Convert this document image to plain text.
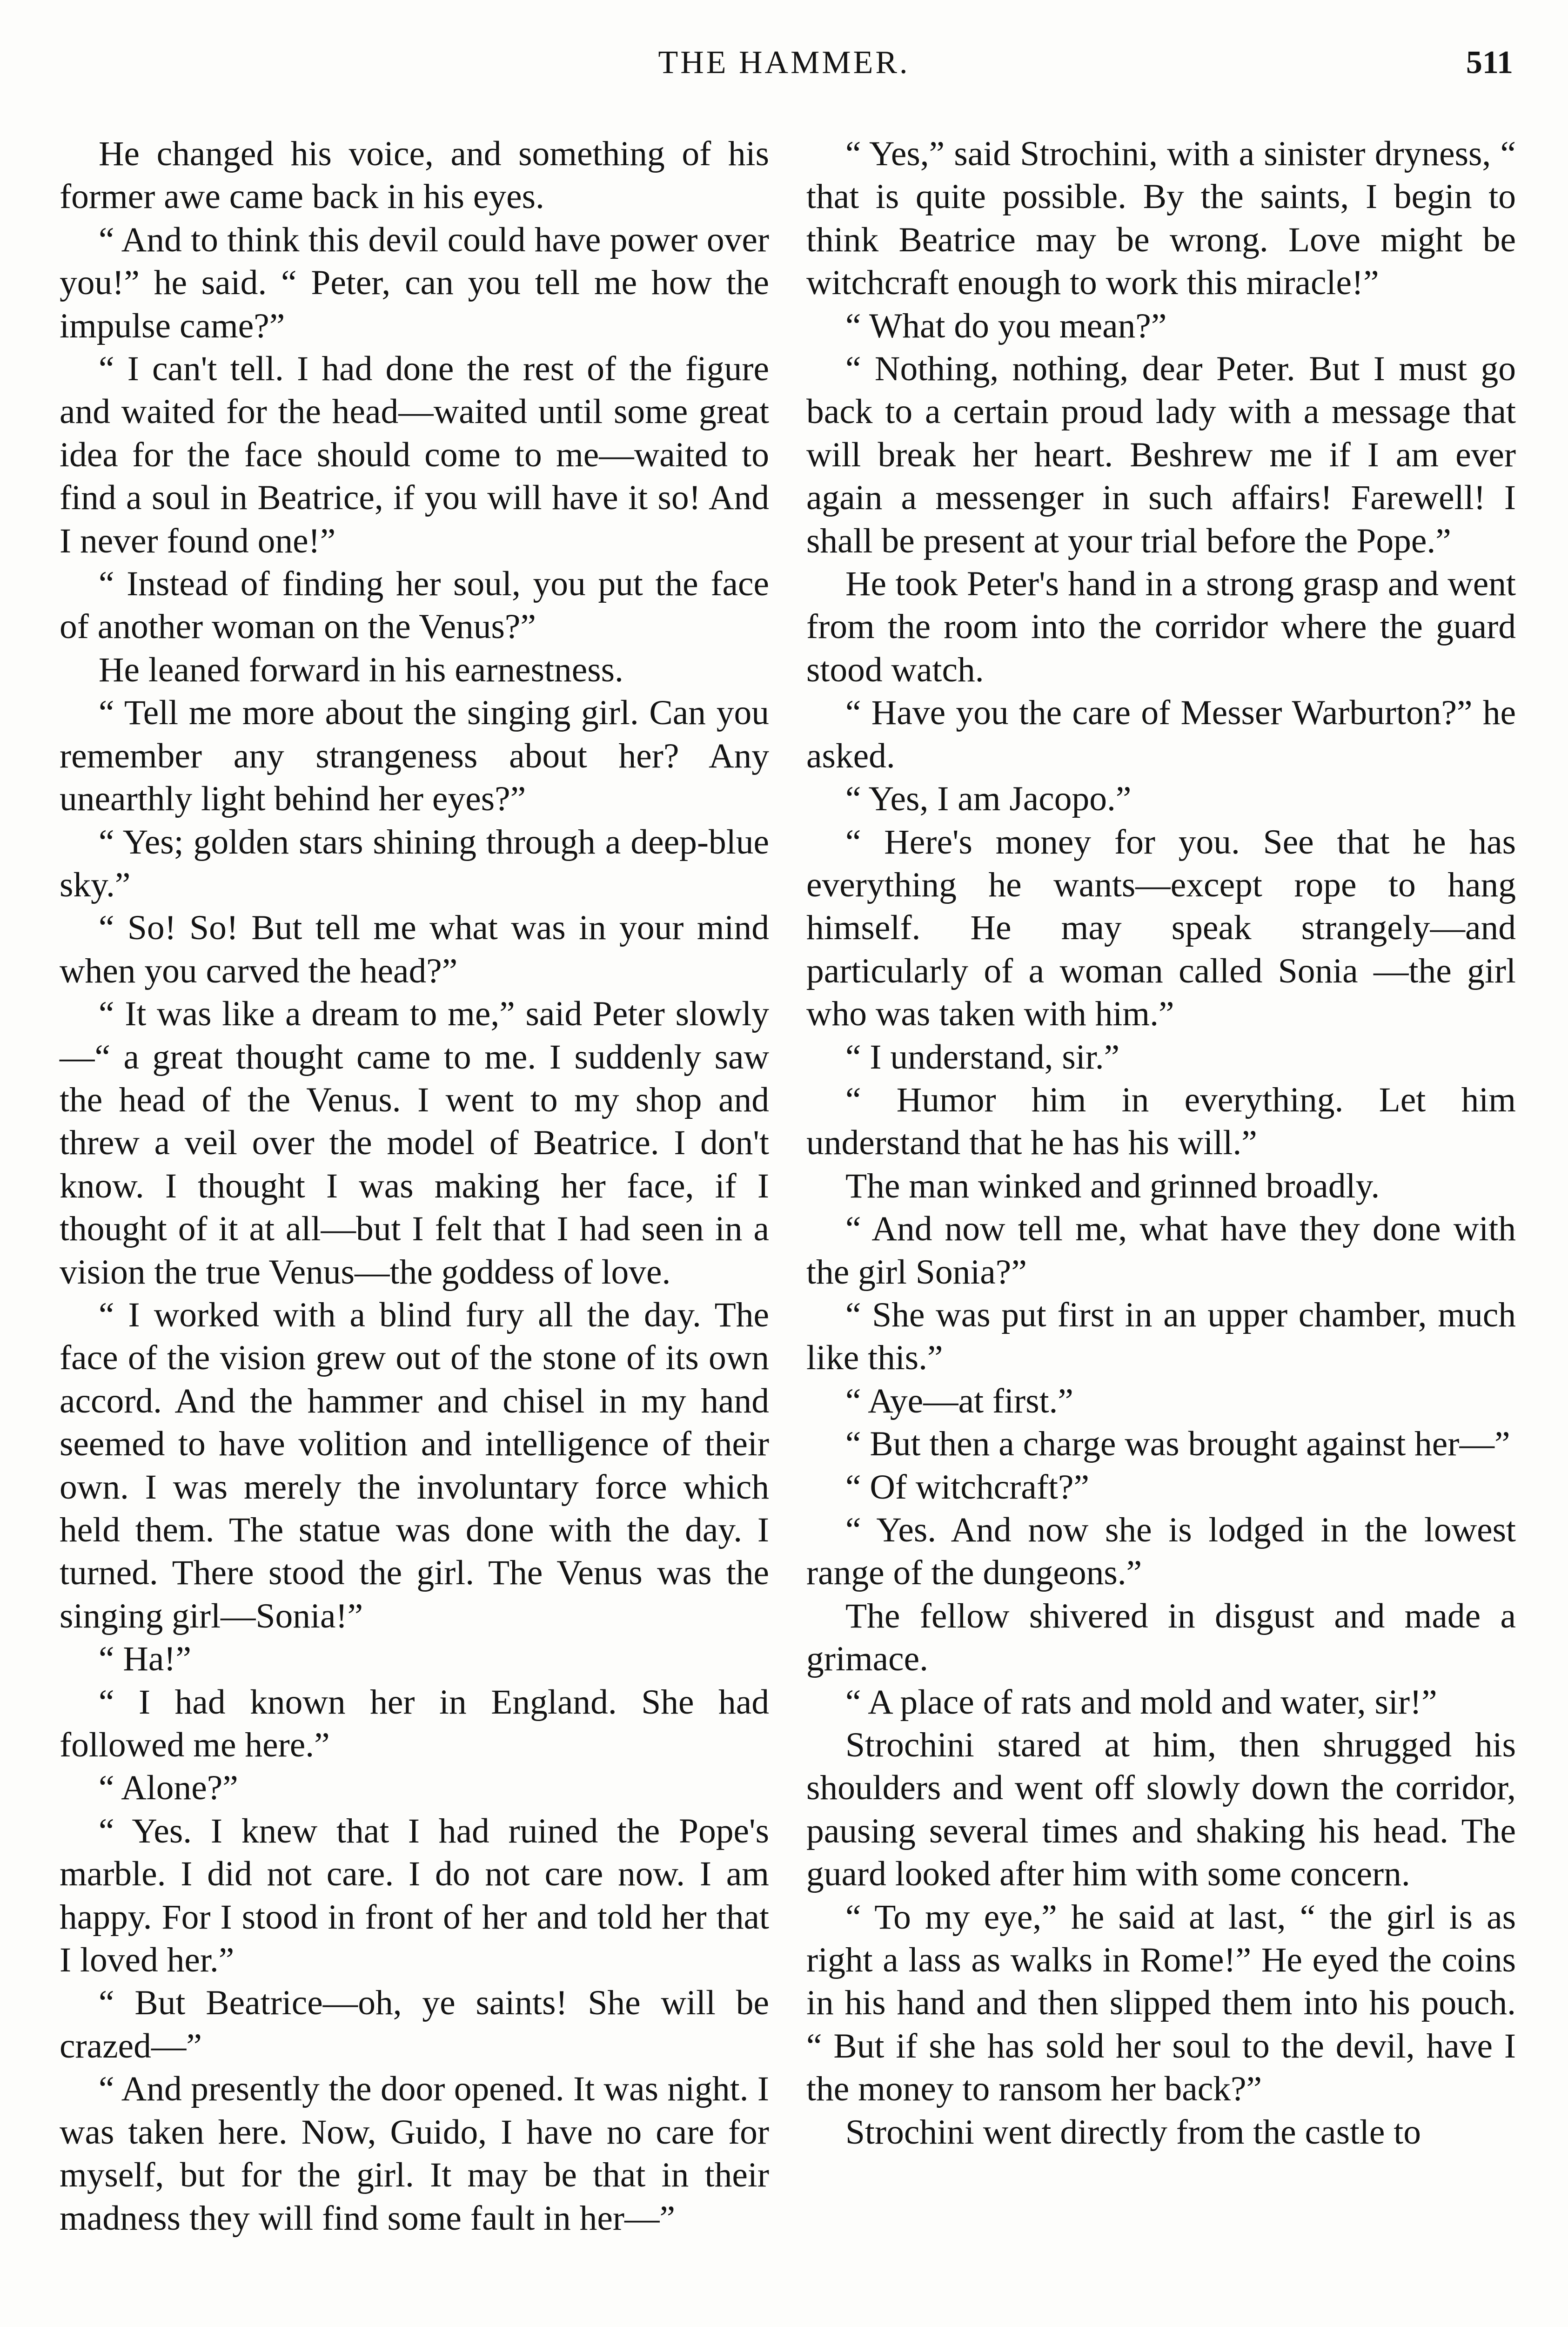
THE HAMMER.	511

He changed his voice, and something of his former awe came back in his eyes.

“ And to think this devil could have power over you!” he said. “ Peter, can you tell me how the impulse came?”

“ I can't tell. I had done the rest of the figure and waited for the head—waited until some great idea for the face should come to me—waited to find a soul in Beatrice, if you will have it so! And I never found one!”

“ Instead of finding her soul, you put the face of another woman on the Venus?”

He leaned forward in his earnestness.

“ Tell me more about the singing girl. Can you remember any strangeness about her? Any unearthly light behind her eyes?”

“ Yes; golden stars shining through a deep-blue sky.”

“ So! So! But tell me what was in your mind when you carved the head?”

“ It was like a dream to me,” said Peter slowly—“ a great thought came to me. I suddenly saw the head of the Venus. I went to my shop and threw a veil over the model of Beatrice. I don't know. I thought I was making her face, if I thought of it at all—but I felt that I had seen in a vision the true Venus—the goddess of love.

“ I worked with a blind fury all the day. The face of the vision grew out of the stone of its own accord. And the hammer and chisel in my hand seemed to have volition and intelligence of their own. I was merely the involuntary force which held them. The statue was done with the day. I turned. There stood the girl. The Venus was the singing girl—Sonia!”

“ Ha!”

“ I had known her in England. She had followed me here.”

“ Alone?”

“ Yes. I knew that I had ruined the Pope's marble. I did not care. I do not care now. I am happy. For I stood in front of her and told her that I loved her.”

“ But Beatrice—oh, ye saints! She will be crazed—”

“ And presently the door opened. It was night. I was taken here. Now, Guido, I have no care for myself, but for the girl. It may be that in their madness they will find some fault in her—”

“ Yes,” said Strochini, with a sinister dryness, “ that is quite possible. By the saints, I begin to think Beatrice may be wrong. Love might be witchcraft enough to work this miracle!”

“ What do you mean?”

“ Nothing, nothing, dear Peter. But I must go back to a certain proud lady with a message that will break her heart. Beshrew me if I am ever again a messenger in such affairs! Farewell! I shall be present at your trial before the Pope.”

He took Peter's hand in a strong grasp and went from the room into the corridor where the guard stood watch.

“ Have you the care of Messer Warburton?” he asked.

“ Yes, I am Jacopo.”

“ Here's money for you. See that he has everything he wants—except rope to hang himself. He may speak strangely—and particularly of a woman called Sonia —the girl who was taken with him.”

“ I understand, sir.”

“ Humor him in everything. Let him understand that he has his will.”

The man winked and grinned broadly.

“ And now tell me, what have they done with the girl Sonia?”

“ She was put first in an upper chamber, much like this.”

“ Aye—at first.”

“ But then a charge was brought against her—”

“ Of witchcraft?”

“ Yes. And now she is lodged in the lowest range of the dungeons.”

The fellow shivered in disgust and made a grimace.

“ A place of rats and mold and water, sir!”

Strochini stared at him, then shrugged his shoulders and went off slowly down the corridor, pausing several times and shaking his head. The guard looked after him with some concern.

“ To my eye,” he said at last, “ the girl is as right a lass as walks in Rome!” He eyed the coins in his hand and then slipped them into his pouch. “ But if she has sold her soul to the devil, have I the money to ransom her back?”

Strochini went directly from the castle to
